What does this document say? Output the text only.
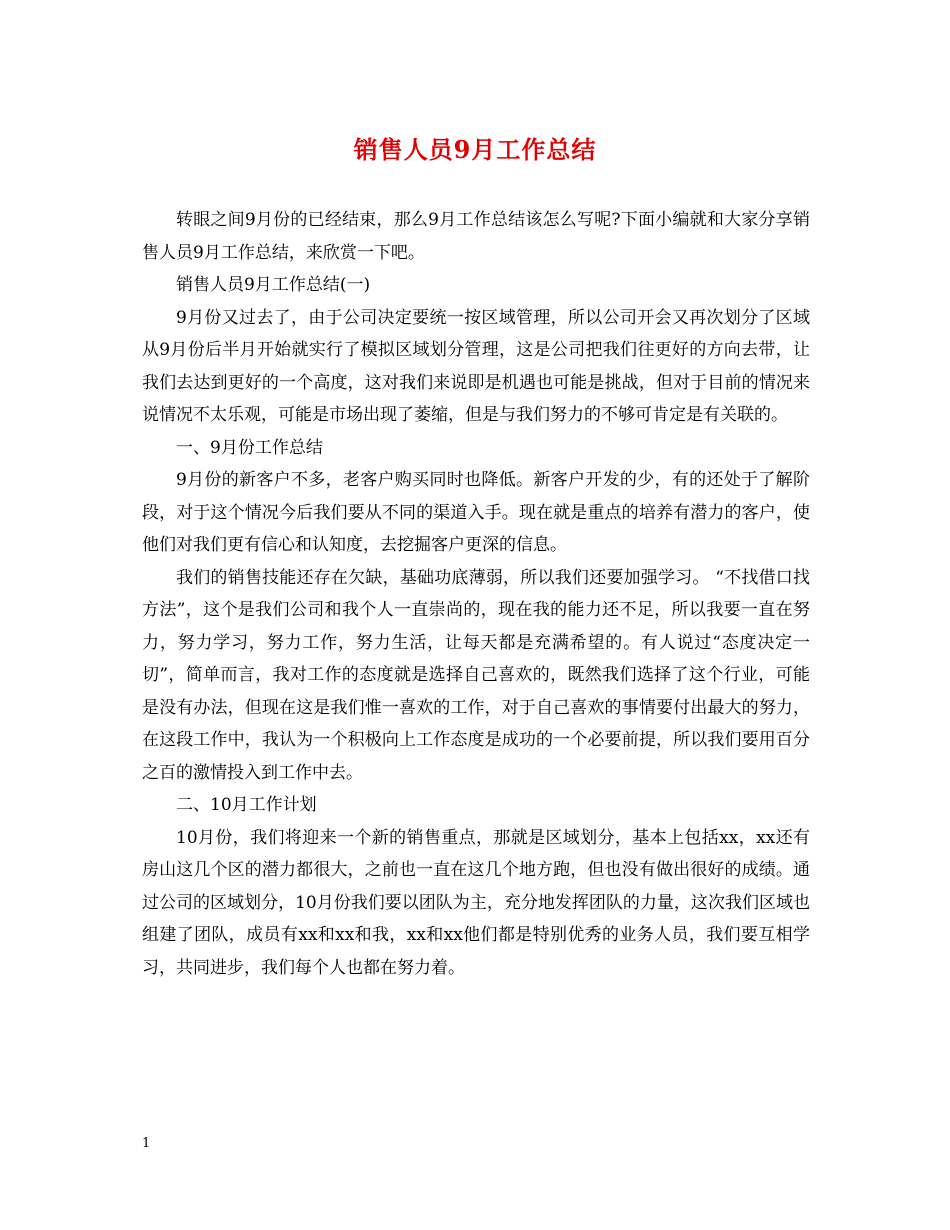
销售人员9月工作总结

转眼之间9月份的已经结束，那么9月工作总结该怎么写呢?下面小编就和大家分享销售人员9月工作总结，来欣赏一下吧。

销售人员9月工作总结(一)

9月份又过去了，由于公司决定要统一按区域管理，所以公司开会又再次划分了区域从9月份后半月开始就实行了模拟区域划分管理，这是公司把我们往更好的方向去带，让我们去达到更好的一个高度，这对我们来说即是机遇也可能是挑战，但对于目前的情况来说情况不太乐观，可能是市场出现了萎缩，但是与我们努力的不够可肯定是有关联的。

一、9月份工作总结

9月份的新客户不多，老客户购买同时也降低。新客户开发的少，有的还处于了解阶段，对于这个情况今后我们要从不同的渠道入手。现在就是重点的培养有潜力的客户，使他们对我们更有信心和认知度，去挖掘客户更深的信息。

我们的销售技能还存在欠缺，基础功底薄弱，所以我们还要加强学习。 “不找借口找方法”，这个是我们公司和我个人一直崇尚的，现在我的能力还不足，所以我要一直在努力，努力学习，努力工作，努力生活，让每天都是充满希望的。有人说过“态度决定一切”，简单而言，我对工作的态度就是选择自己喜欢的，既然我们选择了这个行业，可能是没有办法，但现在这是我们惟一喜欢的工作，对于自己喜欢的事情要付出最大的努力，在这段工作中，我认为一个积极向上工作态度是成功的一个必要前提，所以我们要用百分之百的激情投入到工作中去。

二、10月工作计划

10月份，我们将迎来一个新的销售重点，那就是区域划分，基本上包括xx，xx还有房山这几个区的潜力都很大，之前也一直在这几个地方跑，但也没有做出很好的成绩。通过公司的区域划分，10月份我们要以团队为主，充分地发挥团队的力量，这次我们区域也组建了团队，成员有xx和xx和我，xx和xx他们都是特别优秀的业务人员，我们要互相学习，共同进步，我们每个人也都在努力着。

1
